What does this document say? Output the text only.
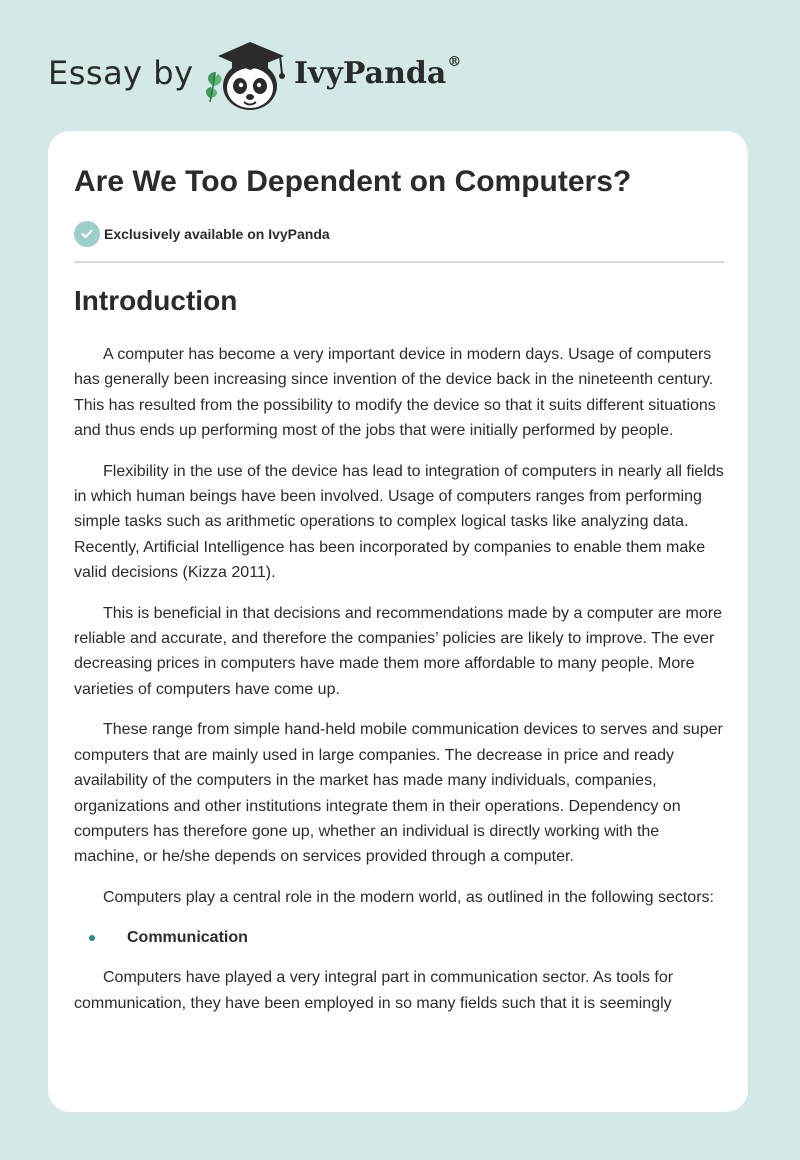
Essay by	IvyPanda®
Are We Too Dependent on Computers?
Exclusively available on IvyPanda
Introduction

A computer has become a very important device in modern days. Usage of computers has generally been increasing since invention of the device back in the nineteenth century. This has resulted from the possibility to modify the device so that it suits different situations and thus ends up performing most of the jobs that were initially performed by people.

Flexibility in the use of the device has lead to integration of computers in nearly all fields in which human beings have been involved. Usage of computers ranges from performing simple tasks such as arithmetic operations to complex logical tasks like analyzing data. Recently, Artificial Intelligence has been incorporated by companies to enable them make valid decisions (Kizza 2011).

This is beneficial in that decisions and recommendations made by a computer are more reliable and accurate, and therefore the companies’ policies are likely to improve. The ever decreasing prices in computers have made them more affordable to many people. More varieties of computers have come up.

These range from simple hand-held mobile communication devices to serves and super computers that are mainly used in large companies. The decrease in price and ready availability of the computers in the market has made many individuals, companies, organizations and other institutions integrate them in their operations. Dependency on computers has therefore gone up, whether an individual is directly working with the machine, or he/she depends on services provided through a computer.

Computers play a central role in the modern world, as outlined in the following sectors:

Communication

Computers have played a very integral part in communication sector. As tools for communication, they have been employed in so many fields such that it is seemingly
